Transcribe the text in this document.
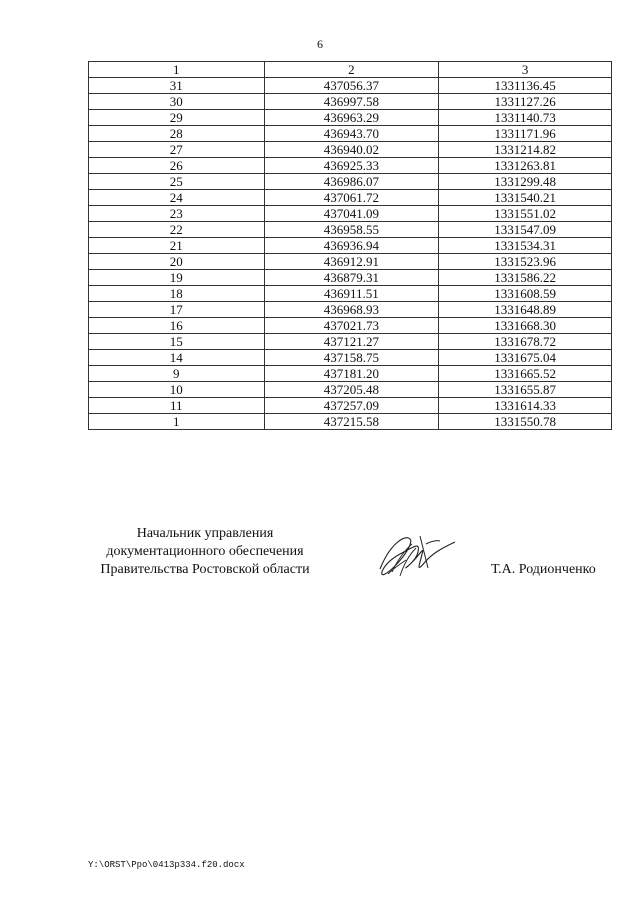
6
1	2	3
31	437056.37	1331136.45
30	436997.58	1331127.26
29	436963.29	1331140.73
28	436943.70	1331171.96
27	436940.02	1331214.82
26	436925.33	1331263.81
25	436986.07	1331299.48
24	437061.72	1331540.21
23	437041.09	1331551.02
22	436958.55	1331547.09
21	436936.94	1331534.31
20	436912.91	1331523.96
19	436879.31	1331586.22
18	436911.51	1331608.59
17	436968.93	1331648.89
16	437021.73	1331668.30
15	437121.27	1331678.72
14	437158.75	1331675.04
9	437181.20	1331665.52
10	437205.48	1331655.87
11	437257.09	1331614.33
1	437215.58	1331550.78
Начальник управления
документационного обеспечения
Правительства Ростовской области	Т.А. Родионченко
Y:\ORST\Ppo\0413p334.f20.docx
